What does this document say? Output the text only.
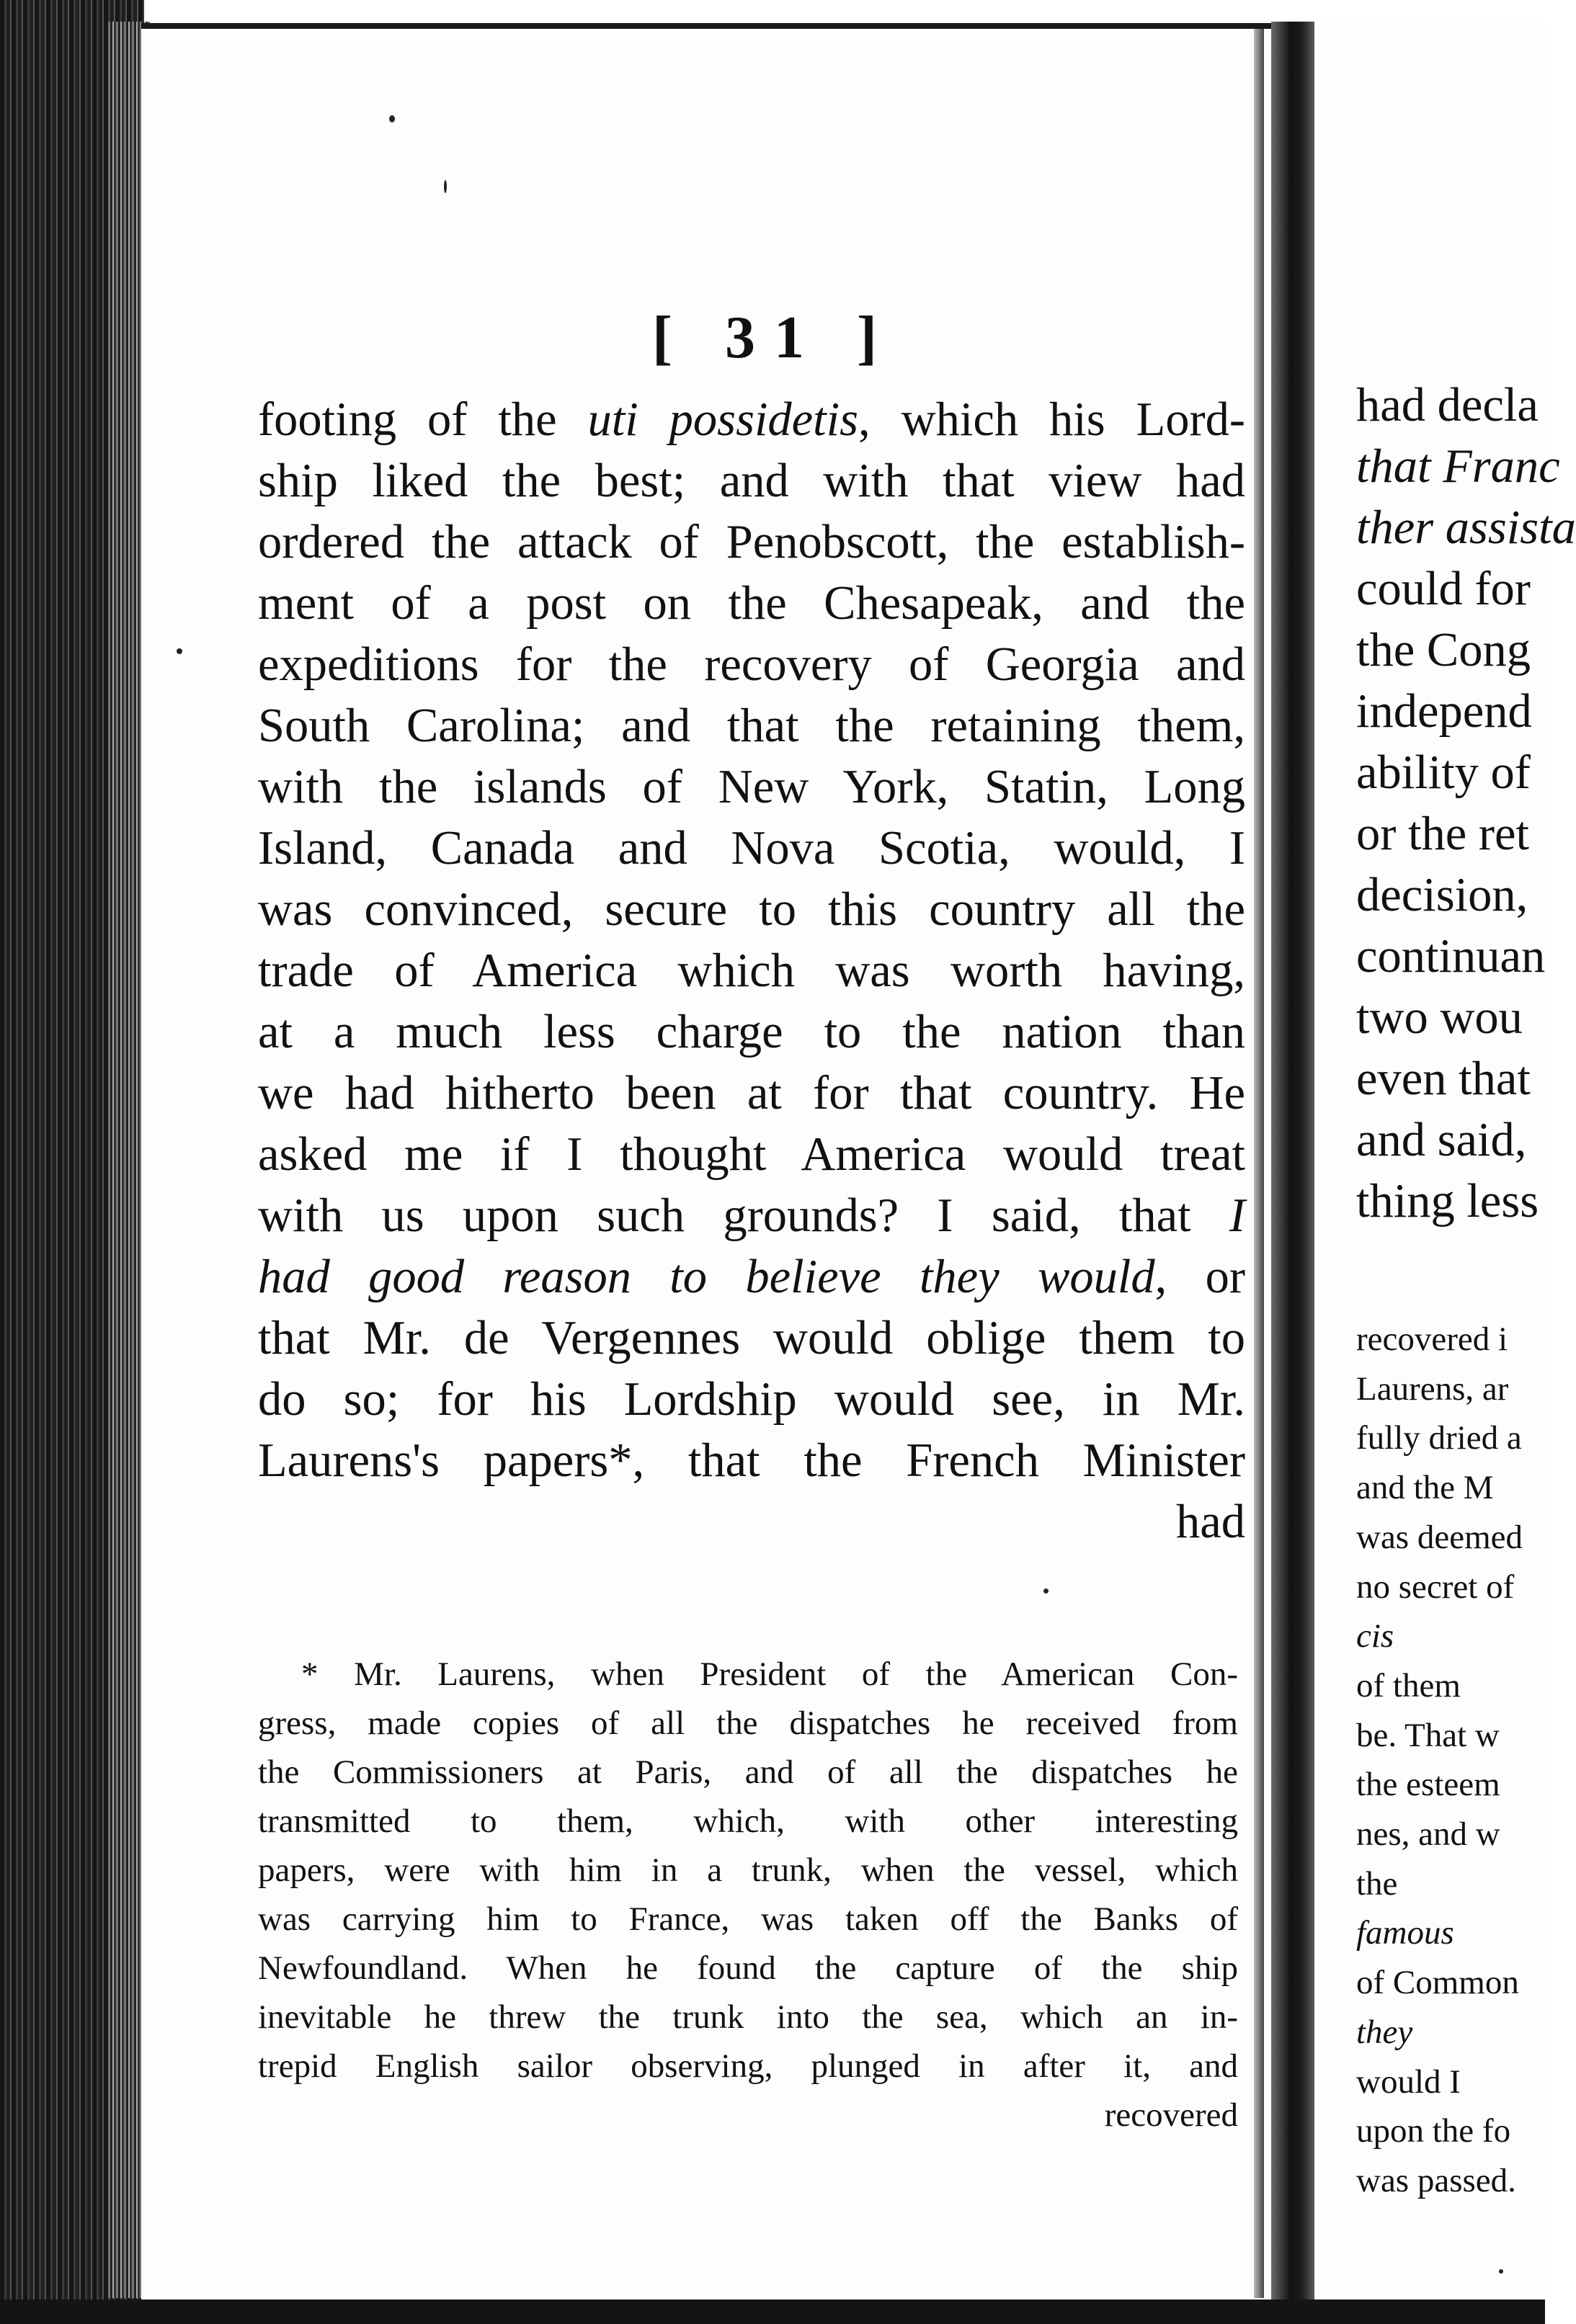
had decla
that Franc
ther assista
could for
the Cong
independ
ability of
or the ret
decision,
continuan
two wou
even that
and said,
thing less
recovered i
Laurens, ar
fully dried a
and the M
was deemed
no secret of
cis
of them
be. That w
the esteem
nes, and w
the
famous
of Common
they
would I
upon the fo
was passed.
[ 31 ]
footing of the uti possidetis, which his Lord-
ship liked the best; and with that view had
ordered the attack of Penobscott, the establish-
ment of a post on the Chesapeak, and the
expeditions for the recovery of Georgia and
South Carolina; and that the retaining them,
with the islands of New York, Statin, Long
Island, Canada and Nova Scotia, would, I
was convinced, secure to this country all the
trade of America which was worth having,
at a much less charge to the nation than
we had hitherto been at for that country. He
asked me if I thought America would treat
with us upon such grounds? I said, that I
had good reason to believe they would, or
that Mr. de Vergennes would oblige them to
do so; for his Lordship would see, in Mr.
Laurens's papers*, that the French Minister
had
* Mr. Laurens, when President of the American Con-
gress, made copies of all the dispatches he received from
the Commissioners at Paris, and of all the dispatches he
transmitted to them, which, with other interesting
papers, were with him in a trunk, when the vessel, which
was carrying him to France, was taken off the Banks of
Newfoundland. When he found the capture of the ship
inevitable he threw the trunk into the sea, which an in-
trepid English sailor observing, plunged in after it, and
recovered
